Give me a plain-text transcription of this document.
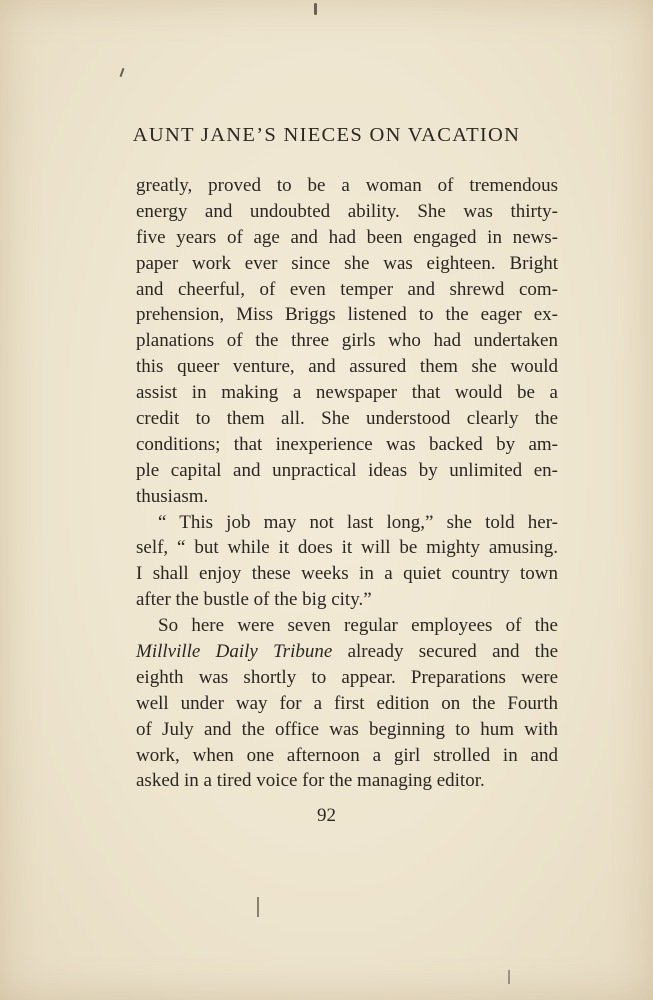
AUNT JANE’S NIECES ON VACATION
greatly, proved to be a woman of tremendous
energy and undoubted ability. She was thirty-
five years of age and had been engaged in news-
paper work ever since she was eighteen. Bright
and cheerful, of even temper and shrewd com-
prehension, Miss Briggs listened to the eager ex-
planations of the three girls who had undertaken
this queer venture, and assured them she would
assist in making a newspaper that would be a
credit to them all. She understood clearly the
conditions; that inexperience was backed by am-
ple capital and unpractical ideas by unlimited en-
thusiasm.
“ This job may not last long,” she told her-
self, “ but while it does it will be mighty amusing.
I shall enjoy these weeks in a quiet country town
after the bustle of the big city.”
So here were seven regular employees of the
Millville Daily Tribune already secured and the
eighth was shortly to appear. Preparations were
well under way for a first edition on the Fourth
of July and the office was beginning to hum with
work, when one afternoon a girl strolled in and
asked in a tired voice for the managing editor.
92
